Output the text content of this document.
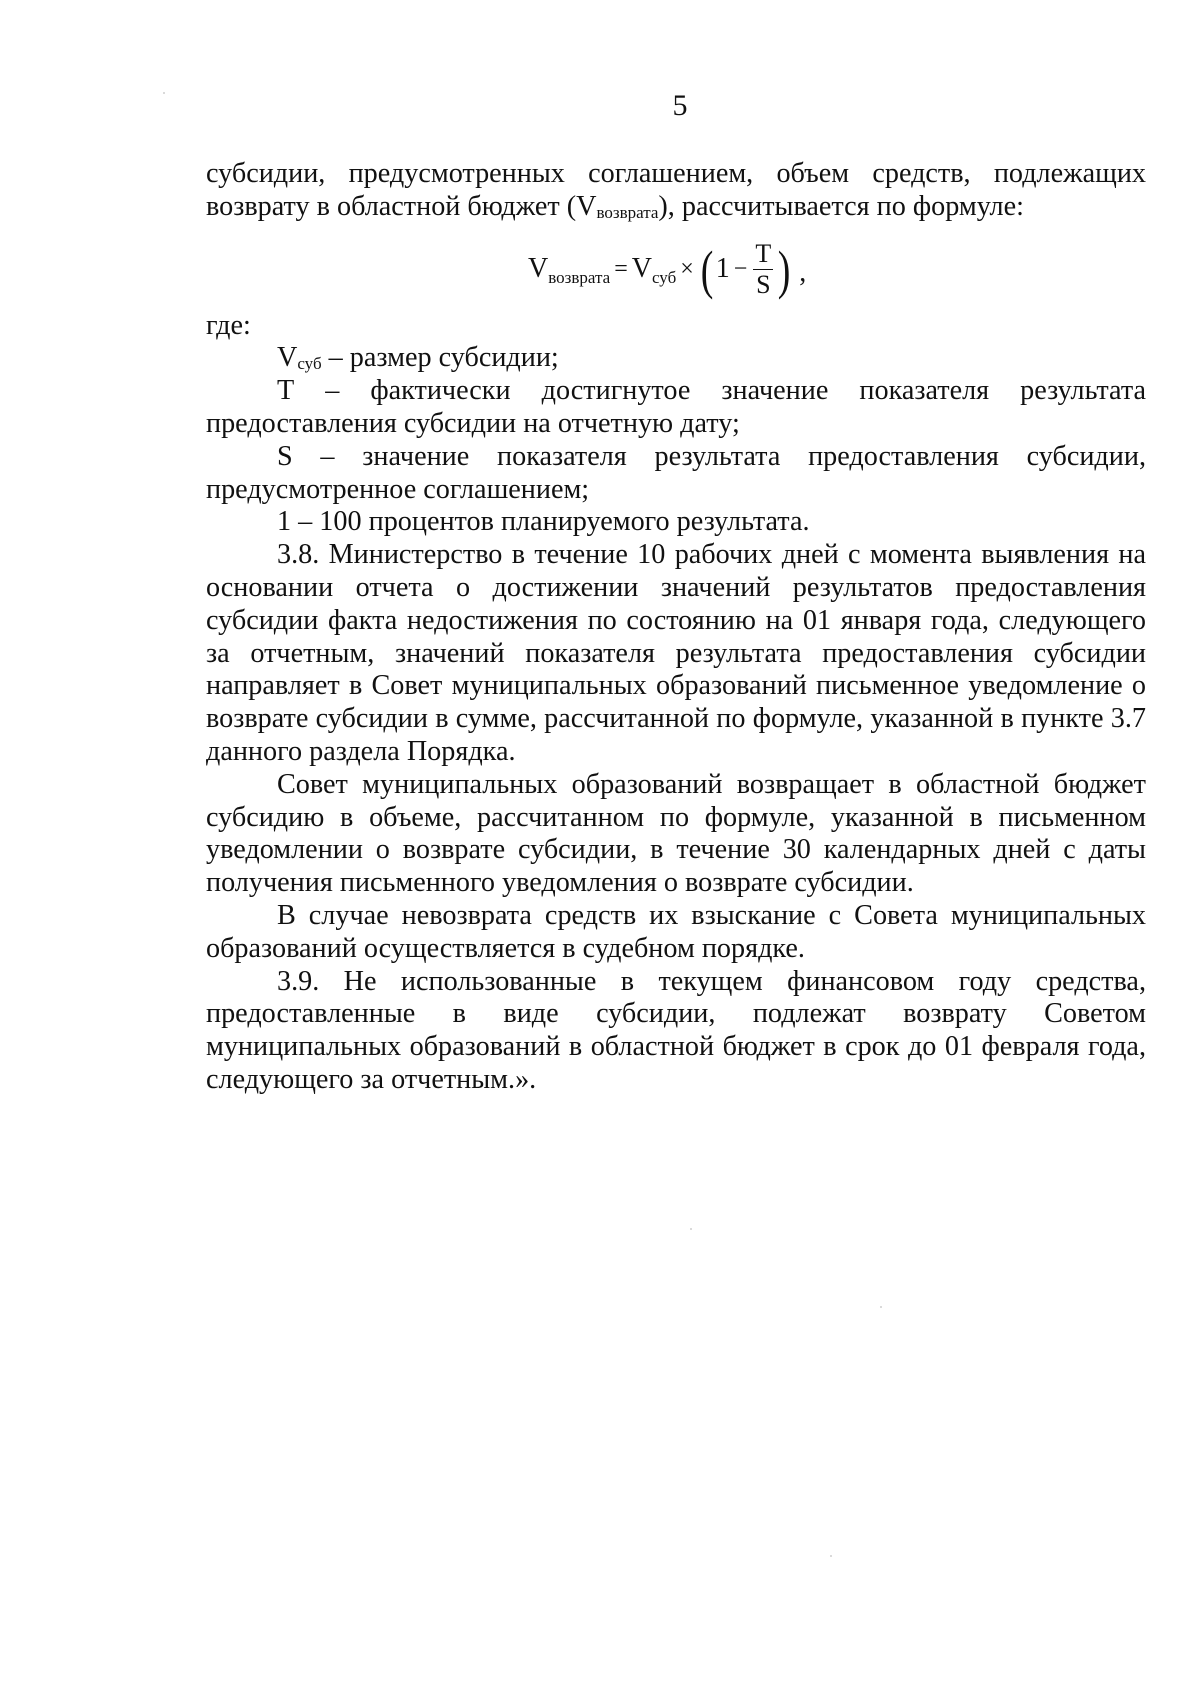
5

субсидии, предусмотренных соглашением, объем средств, подлежащих возврату в областной бюджет $(V_{возврата})$, рассчитывается по формуле:

V возврата = V суб × ( $1 - \frac{T}{S}$ ) ,

где:

$V_{суб}$ – размер субсидии;

Т – фактически достигнутое значение показателя результата предоставления субсидии на отчетную дату;

S – значение показателя результата предоставления субсидии, предусмотренное соглашением;

1 – 100 процентов планируемого результата.

3.8. Министерство в течение 10 рабочих дней с момента выявления на основании отчета о достижении значений результатов предоставления субсидии факта недостижения по состоянию на 01 января года, следующего за отчетным, значений показателя результата предоставления субсидии направляет в Совет муниципальных образований письменное уведомление о возврате субсидии в сумме, рассчитанной по формуле, указанной в пункте 3.7 данного раздела Порядка.

Совет муниципальных образований возвращает в областной бюджет субсидию в объеме, рассчитанном по формуле, указанной в письменном уведомлении о возврате субсидии, в течение 30 календарных дней с даты получения письменного уведомления о возврате субсидии.

В случае невозврата средств их взыскание с Совета муниципальных образований осуществляется в судебном порядке.

3.9. Не использованные в текущем финансовом году средства, предоставленные в виде субсидии, подлежат возврату Советом муниципальных образований в областной бюджет в срок до 01 февраля года, следующего за отчетным.».
